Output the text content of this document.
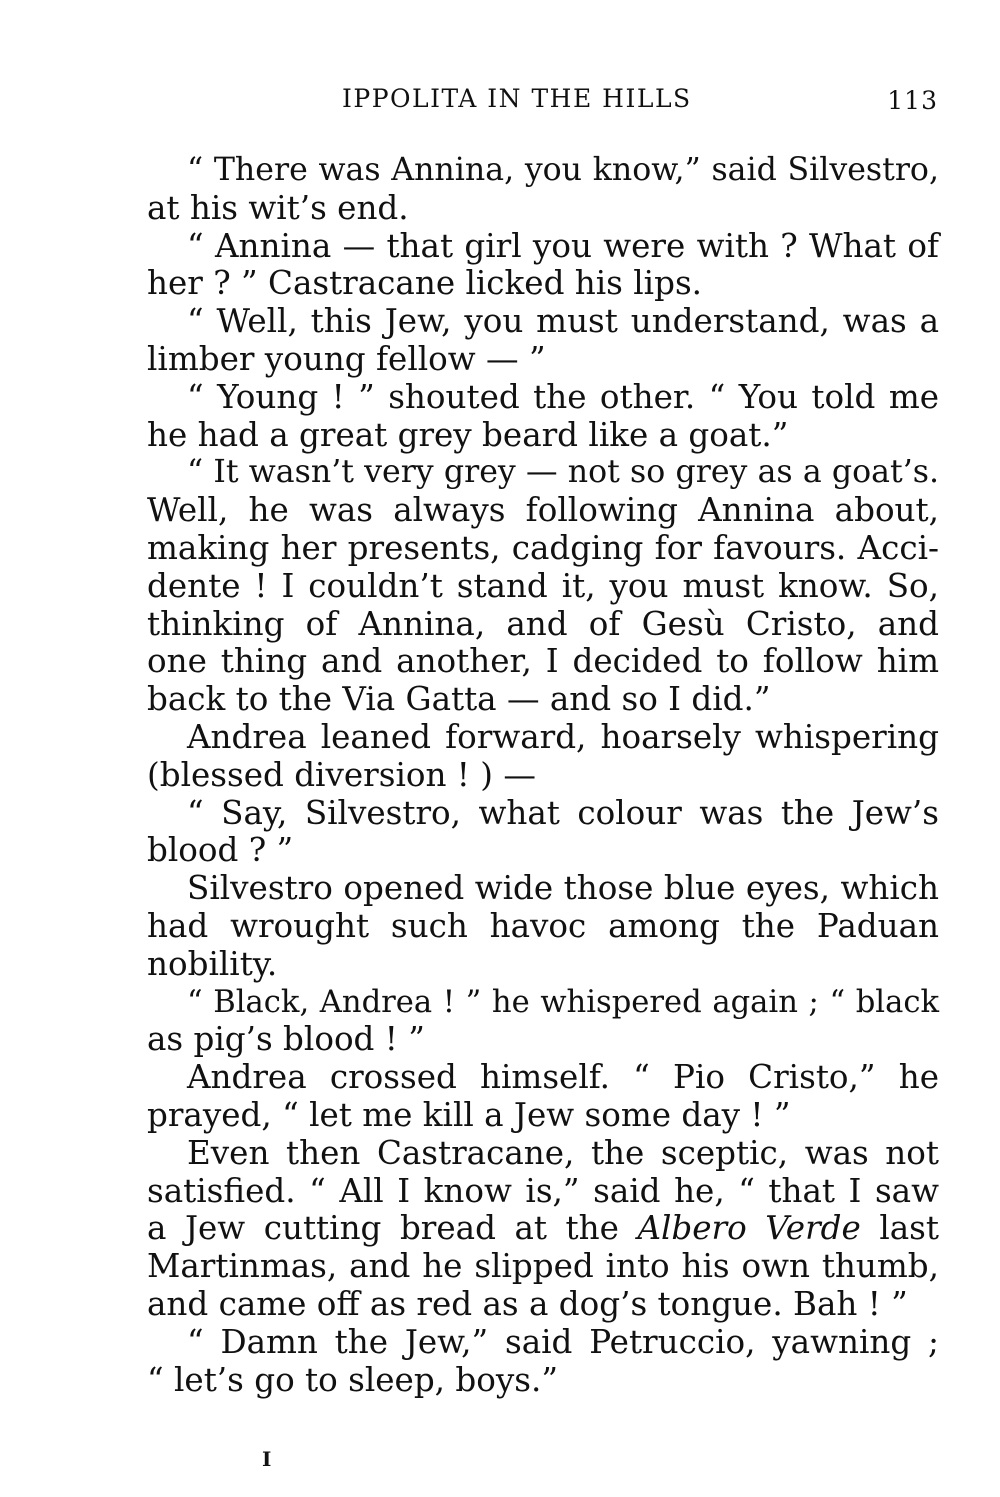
IPPOLITA IN THE HILLS	113
“ There was Annina, you know,” said Silvestro,
at his wit’s end.
“ Annina — that girl you were with ? What of
her ? ” Castracane licked his lips.
“ Well, this Jew, you must understand, was a
limber young fellow — ”
“ Young ! ” shouted the other. “ You told me
he had a great grey beard like a goat.”
“ It wasn’t very grey — not so grey as a goat’s.
Well, he was always following Annina about,
making her presents, cadging for favours. Acci-
dente ! I couldn’t stand it, you must know. So,
thinking of Annina, and of Gesù Cristo, and
one thing and another, I decided to follow him
back to the Via Gatta — and so I did.”
Andrea leaned forward, hoarsely whispering
(blessed diversion ! ) —
“ Say, Silvestro, what colour was the Jew’s
blood ? ”
Silvestro opened wide those blue eyes, which
had wrought such havoc among the Paduan
nobility.
“ Black, Andrea ! ” he whispered again ; “ black
as pig’s blood ! ”
Andrea crossed himself. “ Pio Cristo,” he
prayed, “ let me kill a Jew some day ! ”
Even then Castracane, the sceptic, was not
satisfied. “ All I know is,” said he, “ that I saw
a Jew cutting bread at the Albero Verde last
Martinmas, and he slipped into his own thumb,
and came off as red as a dog’s tongue. Bah ! ”
“ Damn the Jew,” said Petruccio, yawning ;
“ let’s go to sleep, boys.”
I
